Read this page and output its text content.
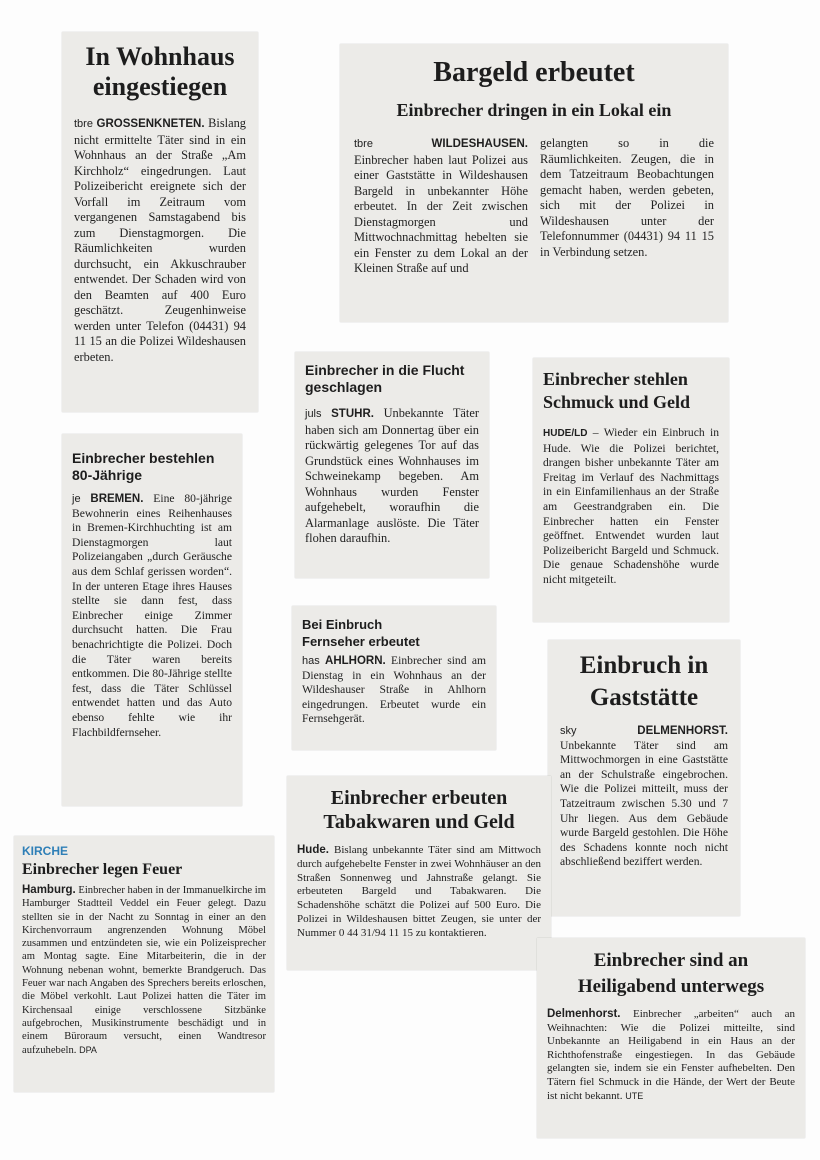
In Wohnhaus eingestiegen

tbre GROSSENKNETEN. Bislang nicht ermittelte Täter sind in ein Wohnhaus an der Straße „Am Kirchholz“ eingedrungen. Laut Polizeibericht ereignete sich der Vorfall im Zeitraum vom vergangenen Samstagabend bis zum Dienstagmorgen. Die Räumlichkeiten wurden durchsucht, ein Akkuschrauber entwendet. Der Schaden wird von den Beamten auf 400 Euro geschätzt. Zeugenhinweise werden unter Telefon (04431) 94 11 15 an die Polizei Wildeshausen erbeten.

Bargeld erbeutet
Einbrecher dringen in ein Lokal ein

tbre	WILDESHAUSEN. Einbrecher haben laut Polizei aus einer Gaststätte in Wildeshausen Bargeld in unbekannter Höhe erbeutet. In der Zeit zwischen Dienstagmorgen und Mittwochnachmittag hebelten sie ein Fenster zu dem Lokal an der Kleinen Straße auf und

gelangten so in die Räumlichkeiten. Zeugen, die in dem Tatzeitraum Beobachtungen gemacht haben, werden gebeten, sich mit der Polizei in Wildeshausen unter der Telefonnummer (04431) 94 11 15 in Verbindung setzen.

Einbrecher in die Flucht geschlagen

juls STUHR. Unbekannte Täter haben sich am Donnertag über ein rückwärtig gelegenes Tor auf das Grundstück eines Wohnhauses im Schweinekamp begeben. Am Wohnhaus wurden Fenster aufgehebelt, woraufhin die Alarmanlage auslöste. Die Täter flohen daraufhin.

Einbrecher stehlen Schmuck und Geld

HUDE/LD – Wieder ein Einbruch in Hude. Wie die Polizei berichtet, drangen bisher unbekannte Täter am Freitag im Verlauf des Nachmittags in ein Einfamilienhaus an der Straße am Geestrandgraben ein. Die Einbrecher hatten ein Fenster geöffnet. Entwendet wurden laut Polizeibericht Bargeld und Schmuck. Die genaue Schadenshöhe wurde nicht mitgeteilt.

Einbrecher bestehlen 80-Jährige

je BREMEN. Eine 80-jährige Bewohnerin eines Reihenhauses in Bremen-Kirchhuchting ist am Dienstagmorgen laut Polizeiangaben „durch Geräusche aus dem Schlaf gerissen worden“. In der unteren Etage ihres Hauses stellte sie dann fest, dass Einbrecher einige Zimmer durchsucht hatten. Die Frau benachrichtigte die Polizei. Doch die Täter waren bereits entkommen. Die 80-Jährige stellte fest, dass die Täter Schlüssel entwendet hatten und das Auto ebenso fehlte wie ihr Flachbildfernseher.

Bei Einbruch Fernseher erbeutet

has AHLHORN. Einbrecher sind am Dienstag in ein Wohnhaus an der Wildeshauser Straße in Ahlhorn eingedrungen. Erbeutet wurde ein Fernsehgerät.

Einbruch in Gaststätte

sky	DELMENHORST. Unbekannte Täter sind am Mittwochmorgen in eine Gaststätte an der Schulstraße eingebrochen. Wie die Polizei mitteilt, muss der Tatzeitraum zwischen 5.30 und 7 Uhr liegen. Aus dem Gebäude wurde Bargeld gestohlen. Die Höhe des Schadens konnte noch nicht abschließend beziffert werden.

Einbrecher erbeuten Tabakwaren und Geld

Hude. Bislang unbekannte Täter sind am Mittwoch durch aufgehebelte Fenster in zwei Wohnhäuser an den Straßen Sonnenweg und Jahnstraße gelangt. Sie erbeuteten Bargeld und Tabakwaren. Die Schadenshöhe schätzt die Polizei auf 500 Euro. Die Polizei in Wildeshausen bittet Zeugen, sie unter der Nummer 0 44 31/94 11 15 zu kontaktieren.

KIRCHE
Einbrecher legen Feuer

Hamburg. Einbrecher haben in der Immanuelkirche im Hamburger Stadtteil Veddel ein Feuer gelegt. Dazu stellten sie in der Nacht zu Sonntag in einer an den Kirchenvorraum angrenzenden Wohnung Möbel zusammen und entzündeten sie, wie ein Polizeisprecher am Montag sagte. Eine Mitarbeiterin, die in der Wohnung nebenan wohnt, bemerkte Brandgeruch. Das Feuer war nach Angaben des Sprechers bereits erloschen, die Möbel verkohlt. Laut Polizei hatten die Täter im Kirchensaal einige verschlossene Sitzbänke aufgebrochen, Musikinstrumente beschädigt und in einem Büroraum versucht, einen Wandtresor aufzuhebeln. DPA

Einbrecher sind an Heiligabend unterwegs

Delmenhorst. Einbrecher „arbeiten“ auch an Weihnachten: Wie die Polizei mitteilte, sind Unbekannte an Heiligabend in ein Haus an der Richthofenstraße eingestiegen. In das Gebäude gelangten sie, indem sie ein Fenster aufhebelten. Den Tätern fiel Schmuck in die Hände, der Wert der Beute ist nicht bekannt. UTE
